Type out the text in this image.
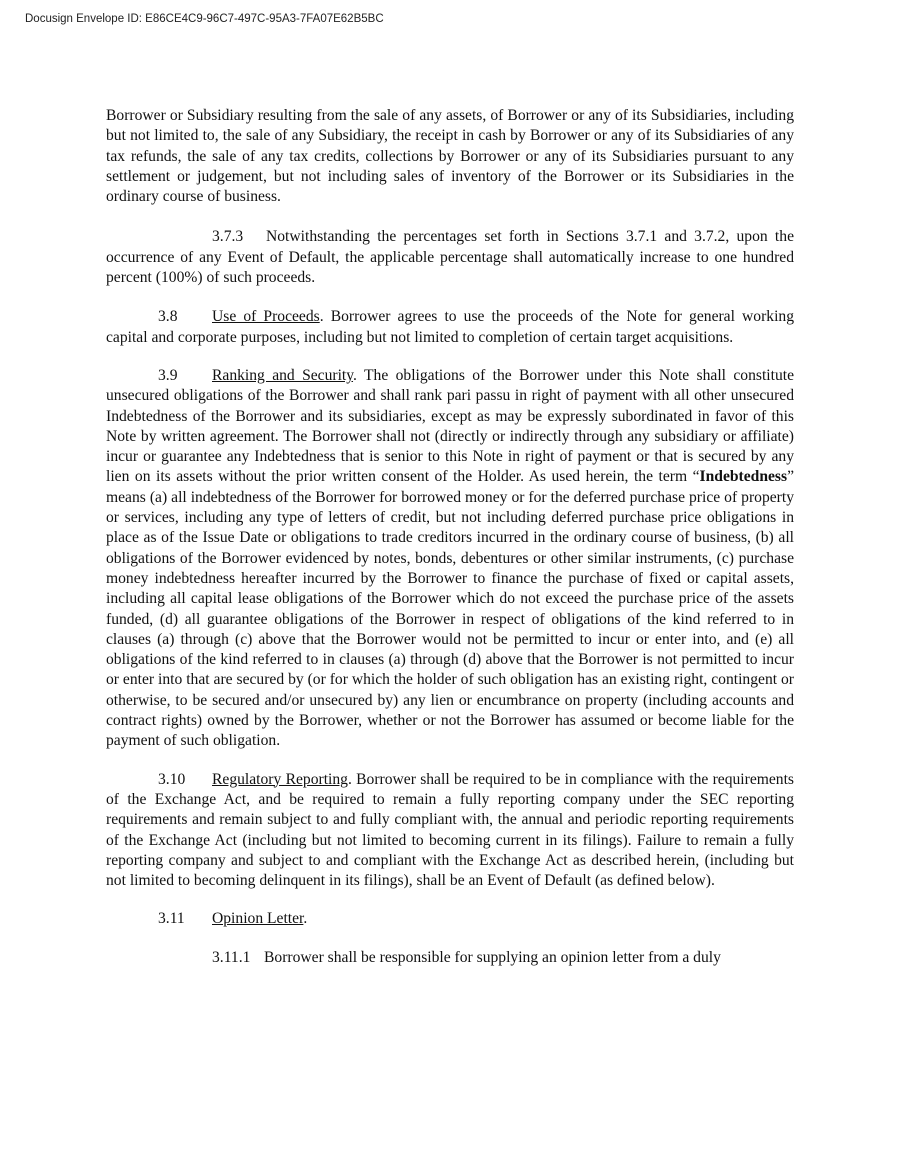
Docusign Envelope ID: E86CE4C9-96C7-497C-95A3-7FA07E62B5BC

Borrower or Subsidiary resulting from the sale of any assets, of Borrower or any of its Subsidiaries, including but not limited to, the sale of any Subsidiary, the receipt in cash by Borrower or any of its Subsidiaries of any tax refunds, the sale of any tax credits, collections by Borrower or any of its Subsidiaries pursuant to any settlement or judgement, but not including sales of inventory of the Borrower or its Subsidiaries in the ordinary course of business.

3.7.3 Notwithstanding the percentages set forth in Sections 3.7.1 and 3.7.2, upon the occurrence of any Event of Default, the applicable percentage shall automatically increase to one hundred percent (100%) of such proceeds.

3.8 Use of Proceeds. Borrower agrees to use the proceeds of the Note for general working capital and corporate purposes, including but not limited to completion of certain target acquisitions.

3.9 Ranking and Security. The obligations of the Borrower under this Note shall constitute unsecured obligations of the Borrower and shall rank pari passu in right of payment with all other unsecured Indebtedness of the Borrower and its subsidiaries, except as may be expressly subordinated in favor of this Note by written agreement. The Borrower shall not (directly or indirectly through any subsidiary or affiliate) incur or guarantee any Indebtedness that is senior to this Note in right of payment or that is secured by any lien on its assets without the prior written consent of the Holder. As used herein, the term “Indebtedness” means (a) all indebtedness of the Borrower for borrowed money or for the deferred purchase price of property or services, including any type of letters of credit, but not including deferred purchase price obligations in place as of the Issue Date or obligations to trade creditors incurred in the ordinary course of business, (b) all obligations of the Borrower evidenced by notes, bonds, debentures or other similar instruments, (c) purchase money indebtedness hereafter incurred by the Borrower to finance the purchase of fixed or capital assets, including all capital lease obligations of the Borrower which do not exceed the purchase price of the assets funded, (d) all guarantee obligations of the Borrower in respect of obligations of the kind referred to in clauses (a) through (c) above that the Borrower would not be permitted to incur or enter into, and (e) all obligations of the kind referred to in clauses (a) through (d) above that the Borrower is not permitted to incur or enter into that are secured by (or for which the holder of such obligation has an existing right, contingent or otherwise, to be secured and/or unsecured by) any lien or encumbrance on property (including accounts and contract rights) owned by the Borrower, whether or not the Borrower has assumed or become liable for the payment of such obligation.

3.10 Regulatory Reporting. Borrower shall be required to be in compliance with the requirements of the Exchange Act, and be required to remain a fully reporting company under the SEC reporting requirements and remain subject to and fully compliant with, the annual and periodic reporting requirements of the Exchange Act (including but not limited to becoming current in its filings). Failure to remain a fully reporting company and subject to and compliant with the Exchange Act as described herein, (including but not limited to becoming delinquent in its filings), shall be an Event of Default (as defined below).

3.11 Opinion Letter.

3.11.1 Borrower shall be responsible for supplying an opinion letter from a duly
